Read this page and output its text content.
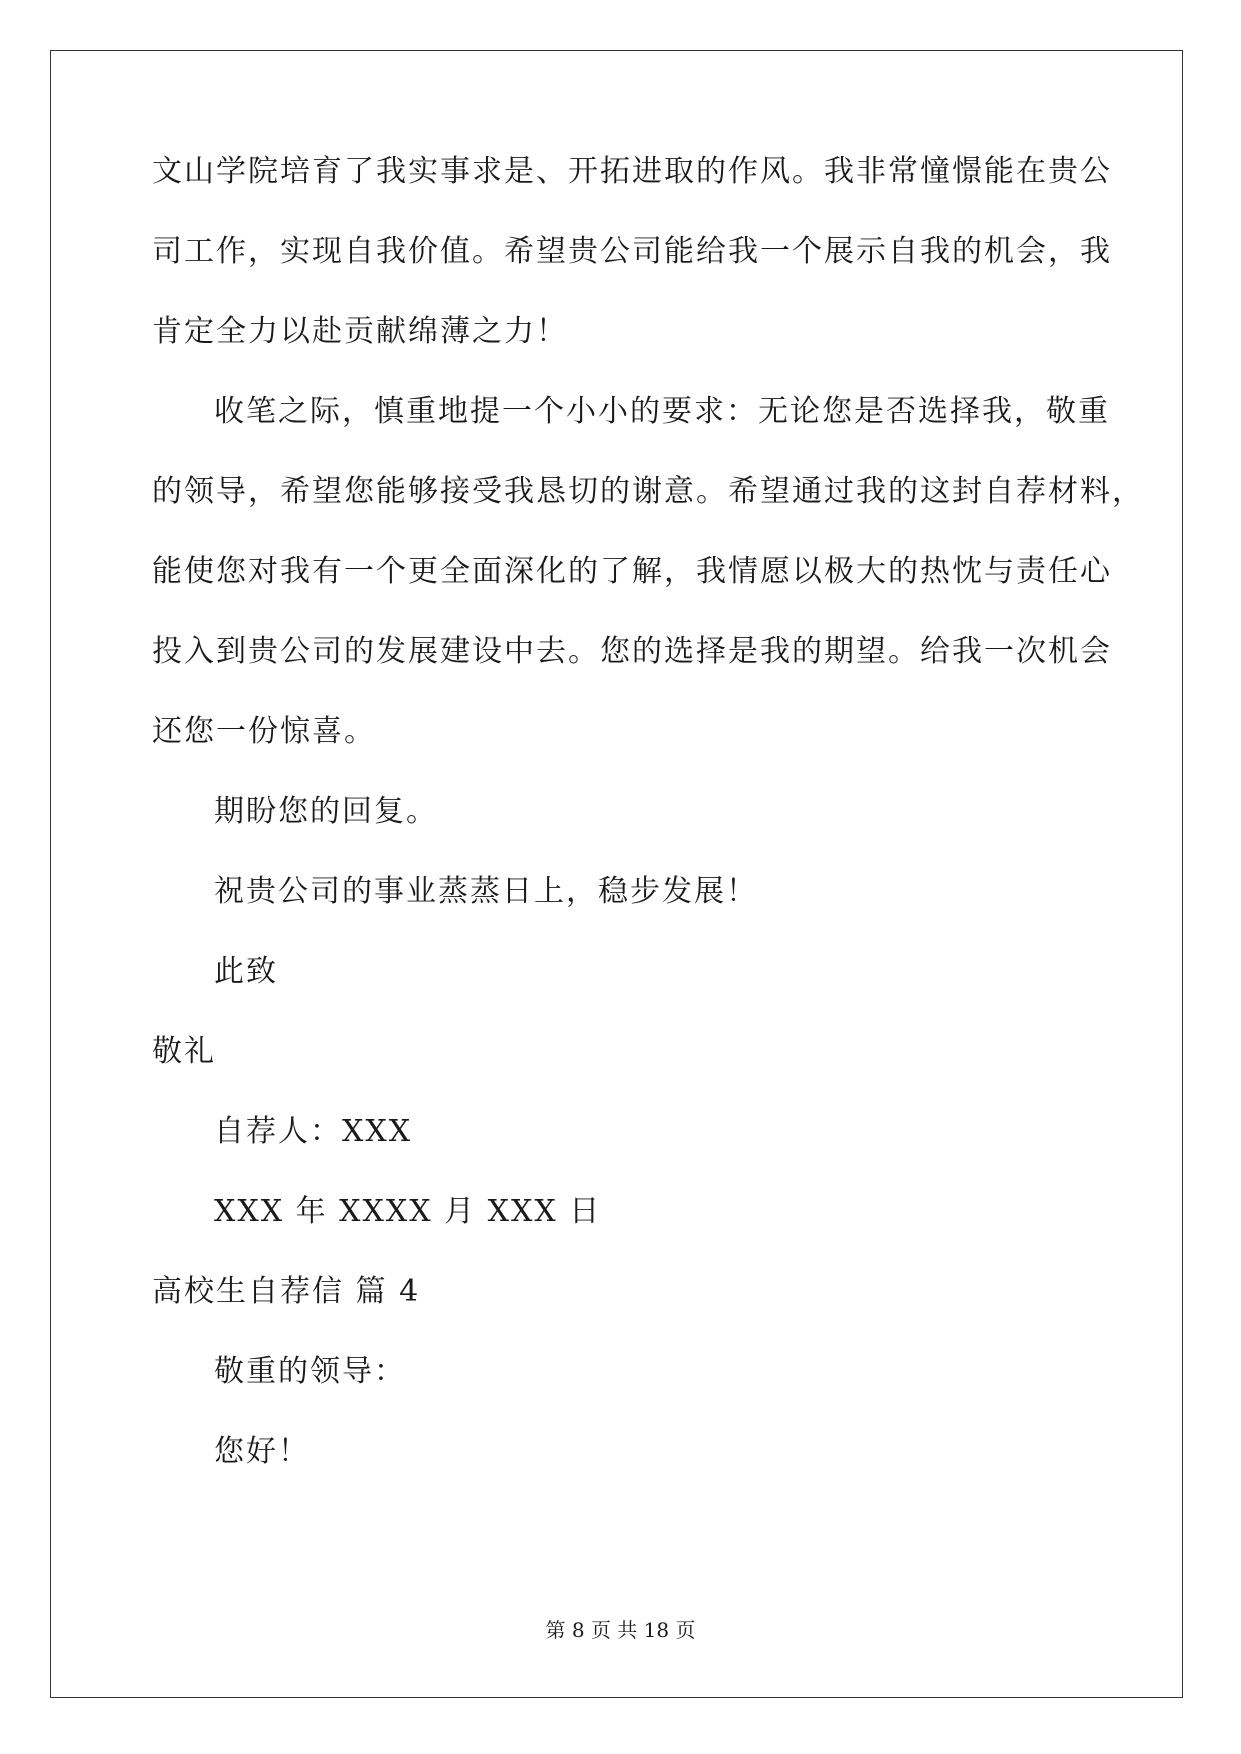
文山学院培育了我实事求是、开拓进取的作风。我非常憧憬能在贵公
司工作，实现自我价值。希望贵公司能给我一个展示自我的机会，我
肯定全力以赴贡献绵薄之力！
收笔之际，慎重地提一个小小的要求：无论您是否选择我，敬重
的领导，希望您能够接受我恳切的谢意。希望通过我的这封自荐材料，
能使您对我有一个更全面深化的了解，我情愿以极大的热忱与责任心
投入到贵公司的发展建设中去。您的选择是我的期望。给我一次机会
还您一份惊喜。
期盼您的回复。
祝贵公司的事业蒸蒸日上，稳步发展！
此致
敬礼
自荐人：XXX
XXX 年 XXXX 月 XXX 日
高校生自荐信 篇 4
敬重的领导：
您好！
第 8 页 共 18 页
